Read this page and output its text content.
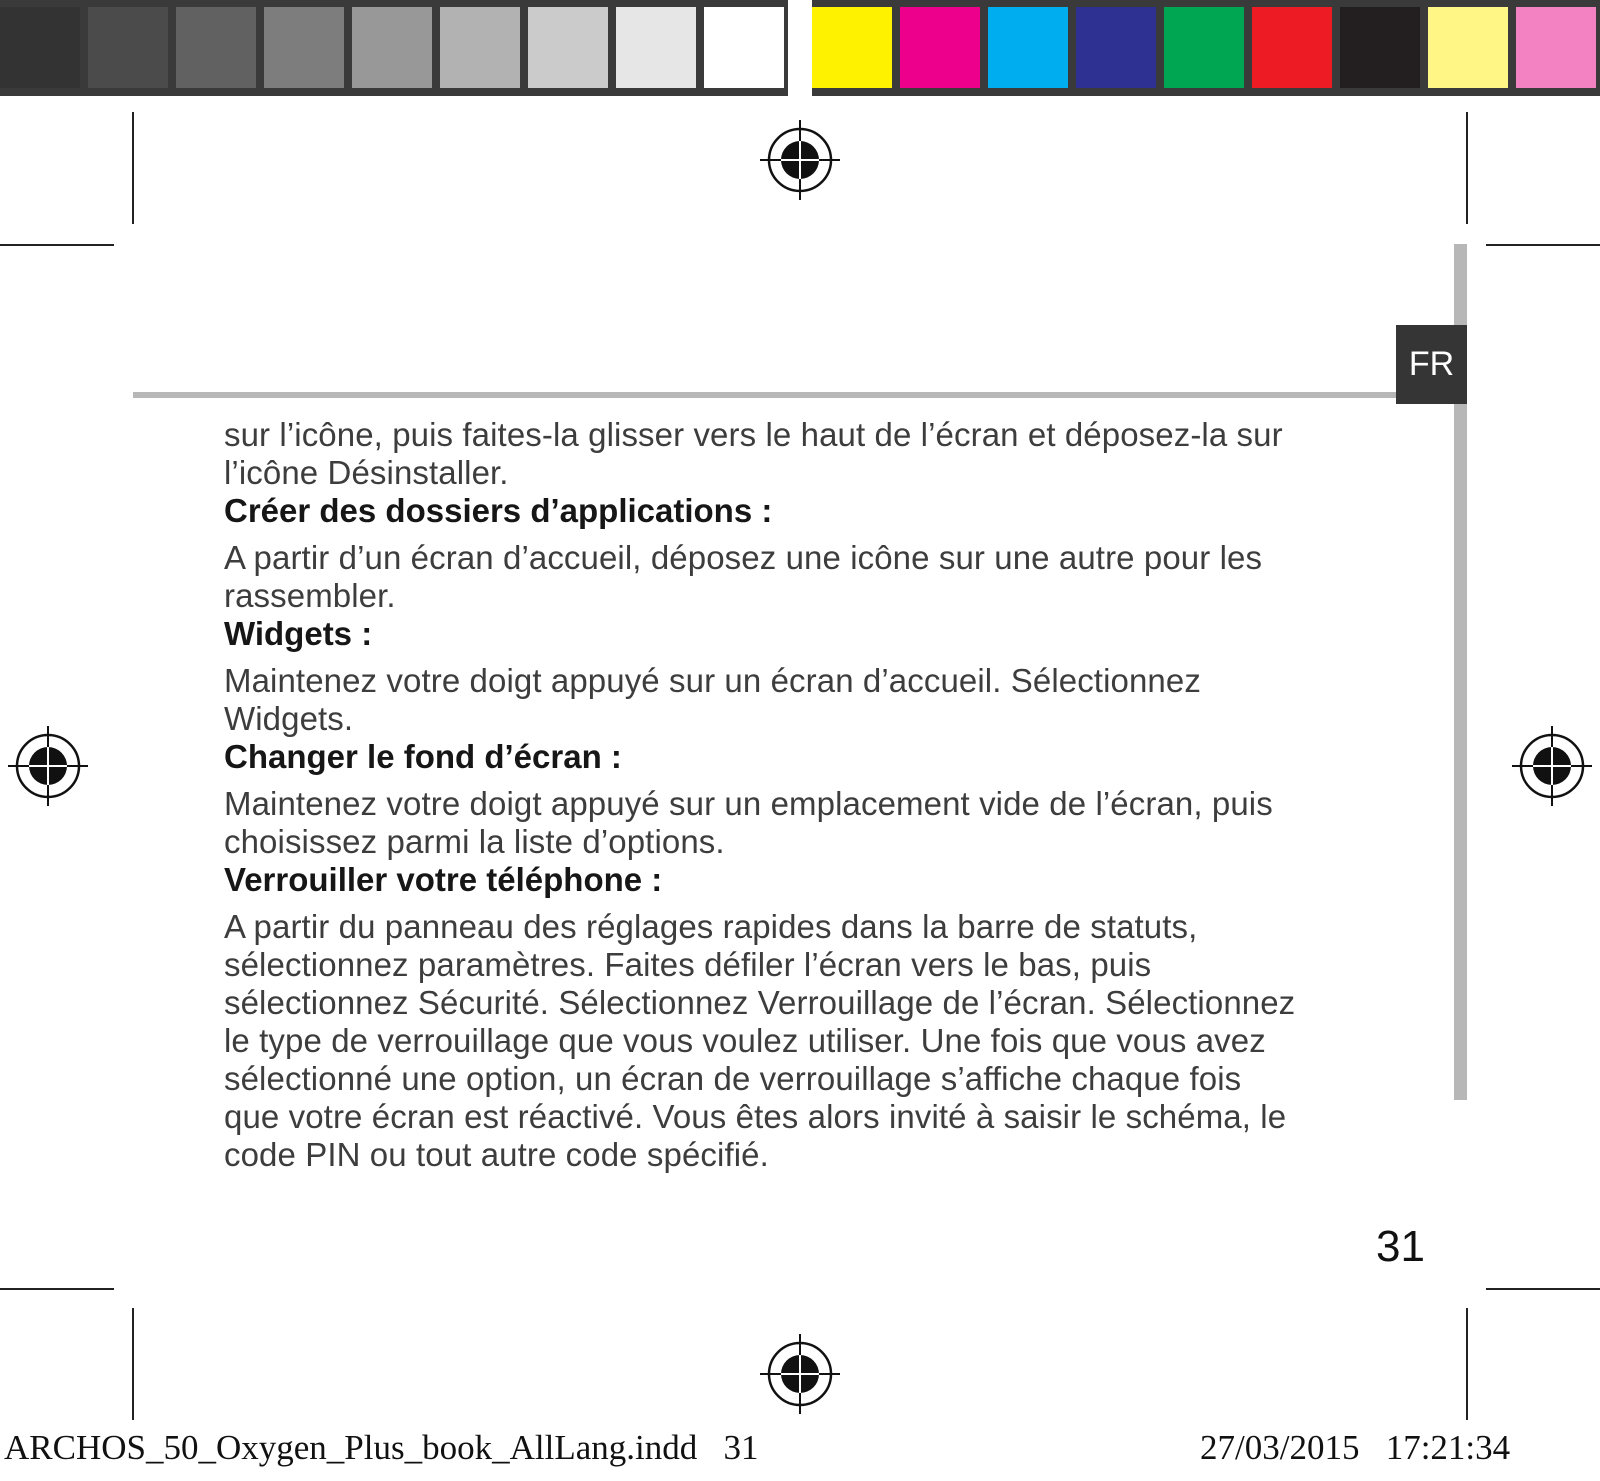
FR

sur l’icône, puis faites-la glisser vers le haut de l’écran et déposez-la sur
l’icône Désinstaller.

Créer des dossiers d’applications :

A partir d’un écran d’accueil, déposez une icône sur une autre pour les
rassembler.

Widgets :

Maintenez votre doigt appuyé sur un écran d’accueil. Sélectionnez
Widgets.

Changer le fond d’écran :

Maintenez votre doigt appuyé sur un emplacement vide de l’écran, puis
choisissez parmi la liste d’options.

Verrouiller votre téléphone :

A partir du panneau des réglages rapides dans la barre de statuts,
sélectionnez paramètres. Faites défiler l’écran vers le bas, puis
sélectionnez Sécurité. Sélectionnez Verrouillage de l’écran. Sélectionnez
le type de verrouillage que vous voulez utiliser. Une fois que vous avez
sélectionné une option, un écran de verrouillage s’affiche chaque fois
que votre écran est réactivé. Vous êtes alors invité à saisir le schéma, le
code PIN ou tout autre code spécifié.

31
ARCHOS_50_Oxygen_Plus_book_AllLang.indd   31	27/03/2015   17:21:34
